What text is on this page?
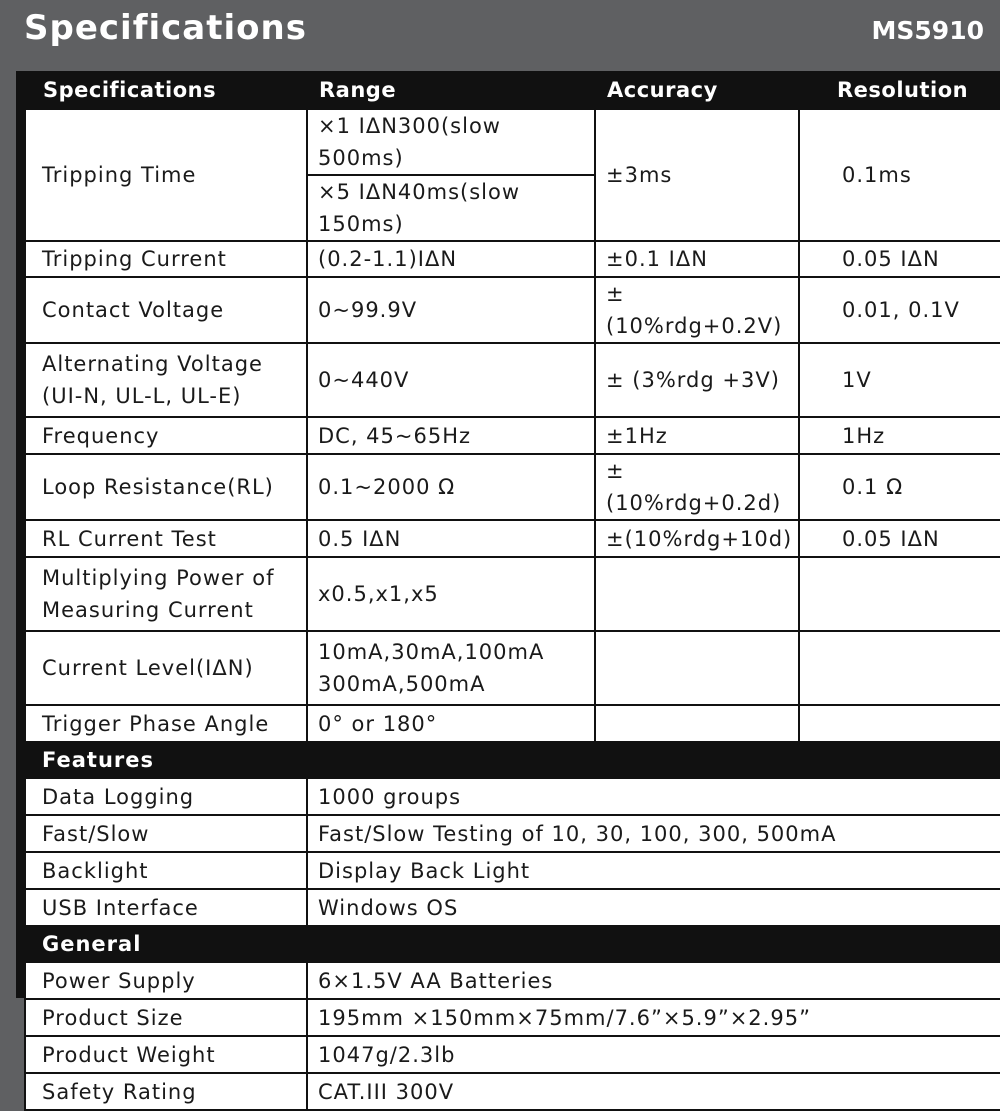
Specifications	MS5910
Specifications	Range	Accuracy	Resolution
Tripping Time	×1 IΔN300(slow 500ms)	±3ms	0.1ms
	×5 IΔN40ms(slow 150ms)		
Tripping Current	(0.2-1.1)IΔN	±0.1 IΔN	0.05 IΔN
Contact Voltage	0~99.9V	±(10%rdg+0.2V)	0.01, 0.1V

Alternating Voltage
(UI-N, UL-L, UL-E)	0~440V	± (3%rdg +3V)	1V
Frequency	DC, 45~65Hz	±1Hz	1Hz
Loop Resistance(RL)	0.1~2000 Ω	±(10%rdg+0.2d)	0.1 Ω
RL Current Test	0.5 IΔN	±(10%rdg+10d)	0.05 IΔN

Multiplying Power of
Measuring Current	x0.5,x1,x5		
Current Level(IΔN)	10mA,30mA,100mA
300mA,500mA		

Trigger Phase Angle	0° or 180°		
Features			
Data Logging	1000 groups		
Fast/Slow	Fast/Slow Testing of 10, 30, 100, 300, 500mA		
Backlight	Display Back Light		
USB Interface	Windows OS		
General			
Power Supply	6×1.5V AA Batteries		
Product Size	195mm ×150mm×75mm/7.6”×5.9”×2.95”		
Product Weight	1047g/2.3lb		
Safety Rating	CAT.III 300V		
